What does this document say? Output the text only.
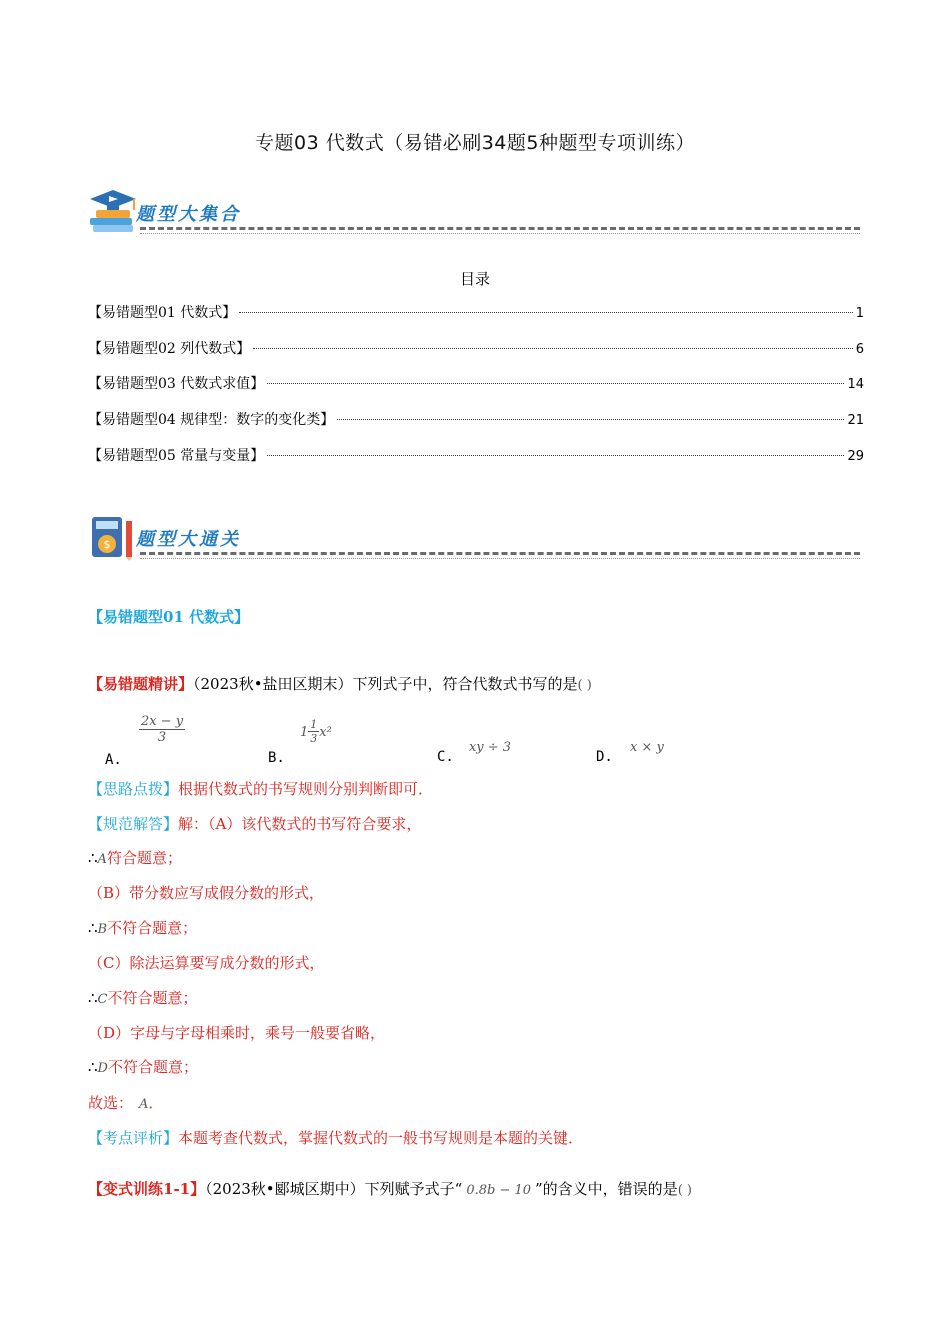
专题03 代数式（易错必刷34题5种题型专项训练）
题型大集合
目录
【易错题型01 代数式】	1
【易错题型02 列代数式】	6
【易错题型03 代数式求值】	14
【易错题型04 规律型：数字的变化类】	21
【易错题型05 常量与变量】	29
$ 题型大通关
【易错题型01 代数式】
【易错题精讲】（2023秋•盐田区期末）下列式子中，符合代数式书写的是( )
A.
$\frac{2x - y}{3}$
B. $1 \frac{1}{3} x^2$
C. xy ÷ 3
D. x × y
【思路点拨】根据代数式的书写规则分别判断即可．
【规范解答】解：（A）该代数式的书写符合要求，
∴A符合题意；
（B）带分数应写成假分数的形式，
∴B不符合题意；
（C）除法运算要写成分数的形式，
∴C不符合题意；
（D）字母与字母相乘时，乘号一般要省略，
∴D不符合题意；
故选： A．
【考点评析】本题考查代数式，掌握代数式的一般书写规则是本题的关键．
【变式训练1-1】（2023秋•郾城区期中）下列赋予式子“ 0.8b − 10 ”的含义中，错误的是( )
